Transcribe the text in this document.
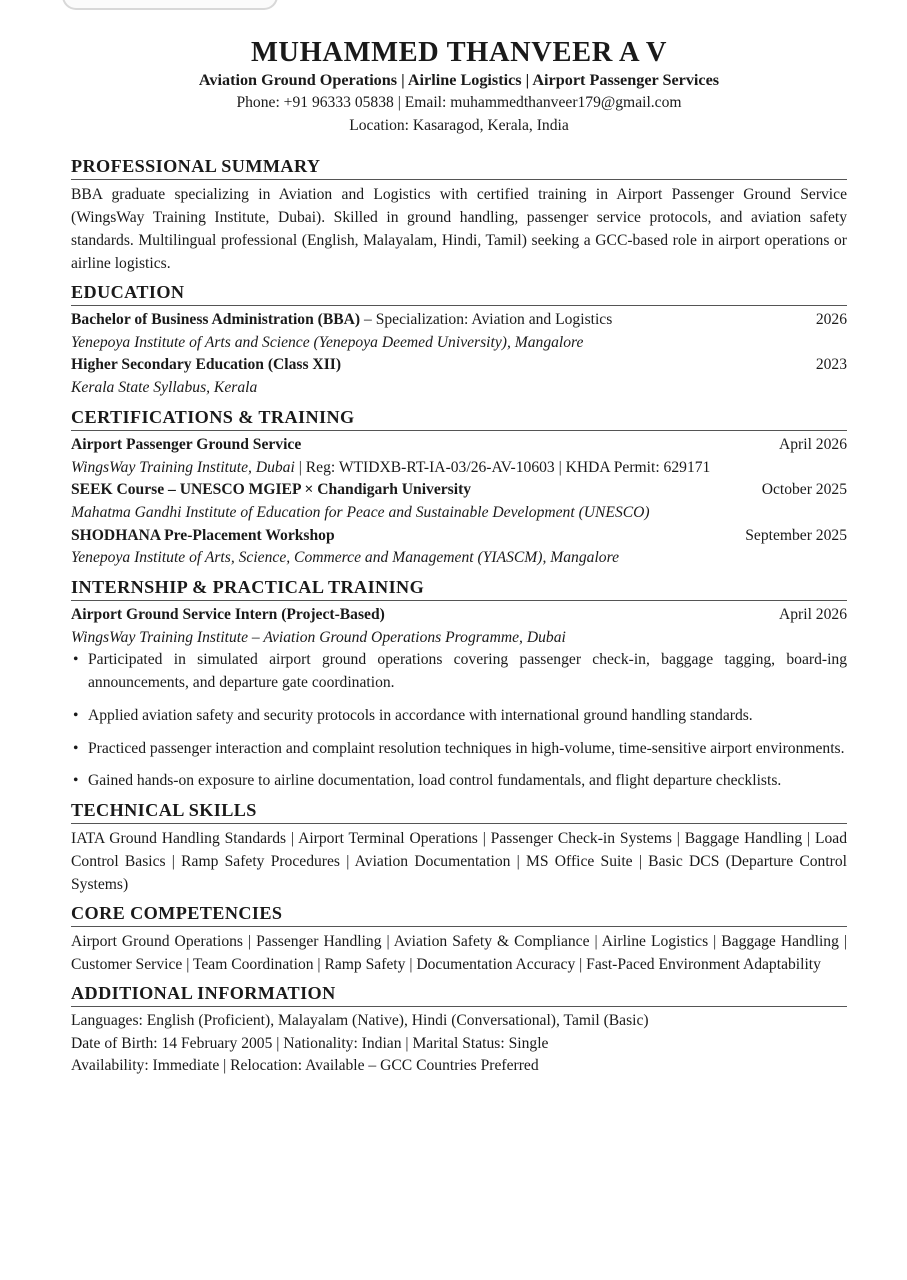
MUHAMMED THANVEER A V
Aviation Ground Operations | Airline Logistics | Airport Passenger Services
Phone: +91 96333 05838 | Email: muhammedthanveer179@gmail.com
Location: Kasaragod, Kerala, India
PROFESSIONAL SUMMARY
BBA graduate specializing in Aviation and Logistics with certified training in Airport Passenger Ground Service (WingsWay Training Institute, Dubai). Skilled in ground handling, passenger service protocols, and aviation safety standards. Multilingual professional (English, Malayalam, Hindi, Tamil) seeking a GCC-based role in airport operations or airline logistics.
EDUCATION
Bachelor of Business Administration (BBA) – Specialization: Aviation and Logistics	2026
Yenepoya Institute of Arts and Science (Yenepoya Deemed University), Mangalore
Higher Secondary Education (Class XII)	2023
Kerala State Syllabus, Kerala
CERTIFICATIONS & TRAINING
Airport Passenger Ground Service	April 2026
WingsWay Training Institute, Dubai | Reg: WTIDXB-RT-IA-03/26-AV-10603 | KHDA Permit: 629171
SEEK Course – UNESCO MGIEP × Chandigarh University	October 2025
Mahatma Gandhi Institute of Education for Peace and Sustainable Development (UNESCO)
SHODHANA Pre-Placement Workshop	September 2025
Yenepoya Institute of Arts, Science, Commerce and Management (YIASCM), Mangalore
INTERNSHIP & PRACTICAL TRAINING
Airport Ground Service Intern (Project-Based)	April 2026
WingsWay Training Institute – Aviation Ground Operations Programme, Dubai
• Participated in simulated airport ground operations covering passenger check-in, baggage tagging, board-ing announcements, and departure gate coordination.
• Applied aviation safety and security protocols in accordance with international ground handling standards.
• Practiced passenger interaction and complaint resolution techniques in high-volume, time-sensitive airport environments.
• Gained hands-on exposure to airline documentation, load control fundamentals, and flight departure checklists.
TECHNICAL SKILLS
IATA Ground Handling Standards | Airport Terminal Operations | Passenger Check-in Systems | Baggage Handling | Load Control Basics | Ramp Safety Procedures | Aviation Documentation | MS Office Suite | Basic DCS (Departure Control Systems)
CORE COMPETENCIES
Airport Ground Operations | Passenger Handling | Aviation Safety & Compliance | Airline Logistics | Baggage Handling | Customer Service | Team Coordination | Ramp Safety | Documentation Accuracy | Fast-Paced Environment Adaptability
ADDITIONAL INFORMATION
Languages: English (Proficient), Malayalam (Native), Hindi (Conversational), Tamil (Basic)
Date of Birth: 14 February 2005 | Nationality: Indian | Marital Status: Single
Availability: Immediate | Relocation: Available – GCC Countries Preferred
